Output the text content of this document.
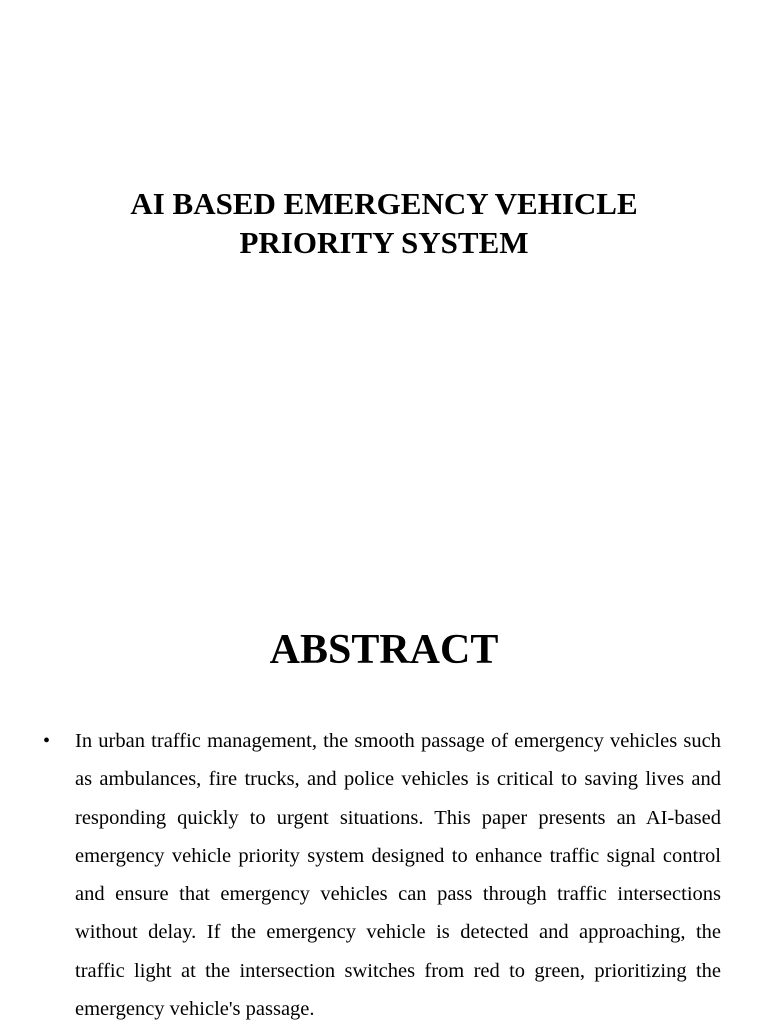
AI BASED EMERGENCY VEHICLE
PRIORITY SYSTEM
ABSTRACT
• In urban traffic management, the smooth passage of emergency vehicles such as ambulances, fire trucks, and police vehicles is critical to saving lives and responding quickly to urgent situations. This paper presents an AI-based emergency vehicle priority system designed to enhance traffic signal control and ensure that emergency vehicles can pass through traffic intersections without delay. If the emergency vehicle is detected and approaching, the traffic light at the intersection switches from red to green, prioritizing the emergency vehicle's passage.
